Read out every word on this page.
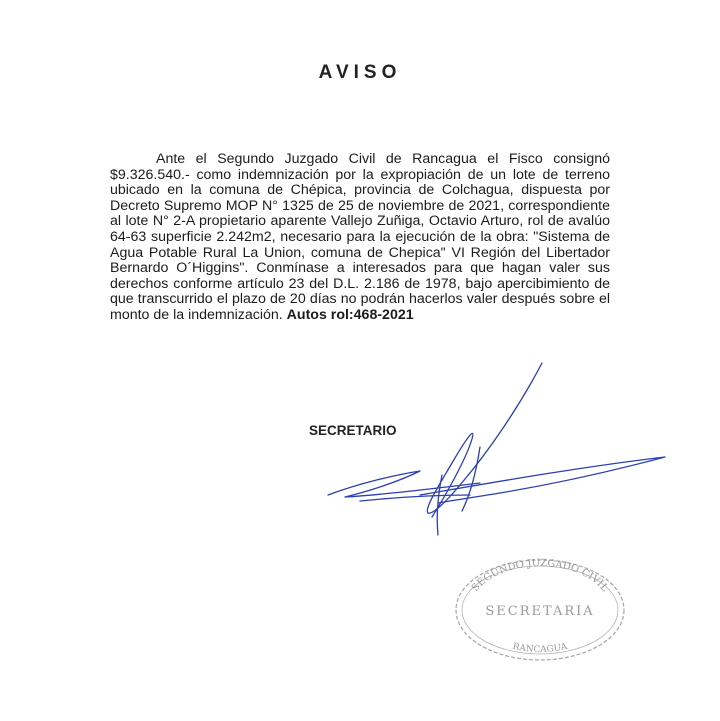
AVISO
Ante el Segundo Juzgado Civil de Rancagua el Fisco consignó $9.326.540.- como indemnización por la expropiación de un lote de terreno ubicado en la comuna de Chépica, provincia de Colchagua, dispuesta por Decreto Supremo MOP N° 1325 de 25 de noviembre de 2021, correspondiente al lote N° 2-A propietario aparente Vallejo Zuñiga, Octavio Arturo, rol de avalúo 64-63 superficie 2.242m2, necesario para la ejecución de la obra: "Sistema de Agua Potable Rural La Union, comuna de Chepica" VI Región del Libertador Bernardo O´Higgins". Conmínase a interesados para que hagan valer sus derechos conforme artículo 23 del D.L. 2.186 de 1978, bajo apercibimiento de que transcurrido el plazo de 20 días no podrán hacerlos valer después sobre el monto de la indemnización. Autos rol:468-2021
SECRETARIO
SEGUNDO JUZGADO CIVIL
SECRETARIA
RANCAGUA
